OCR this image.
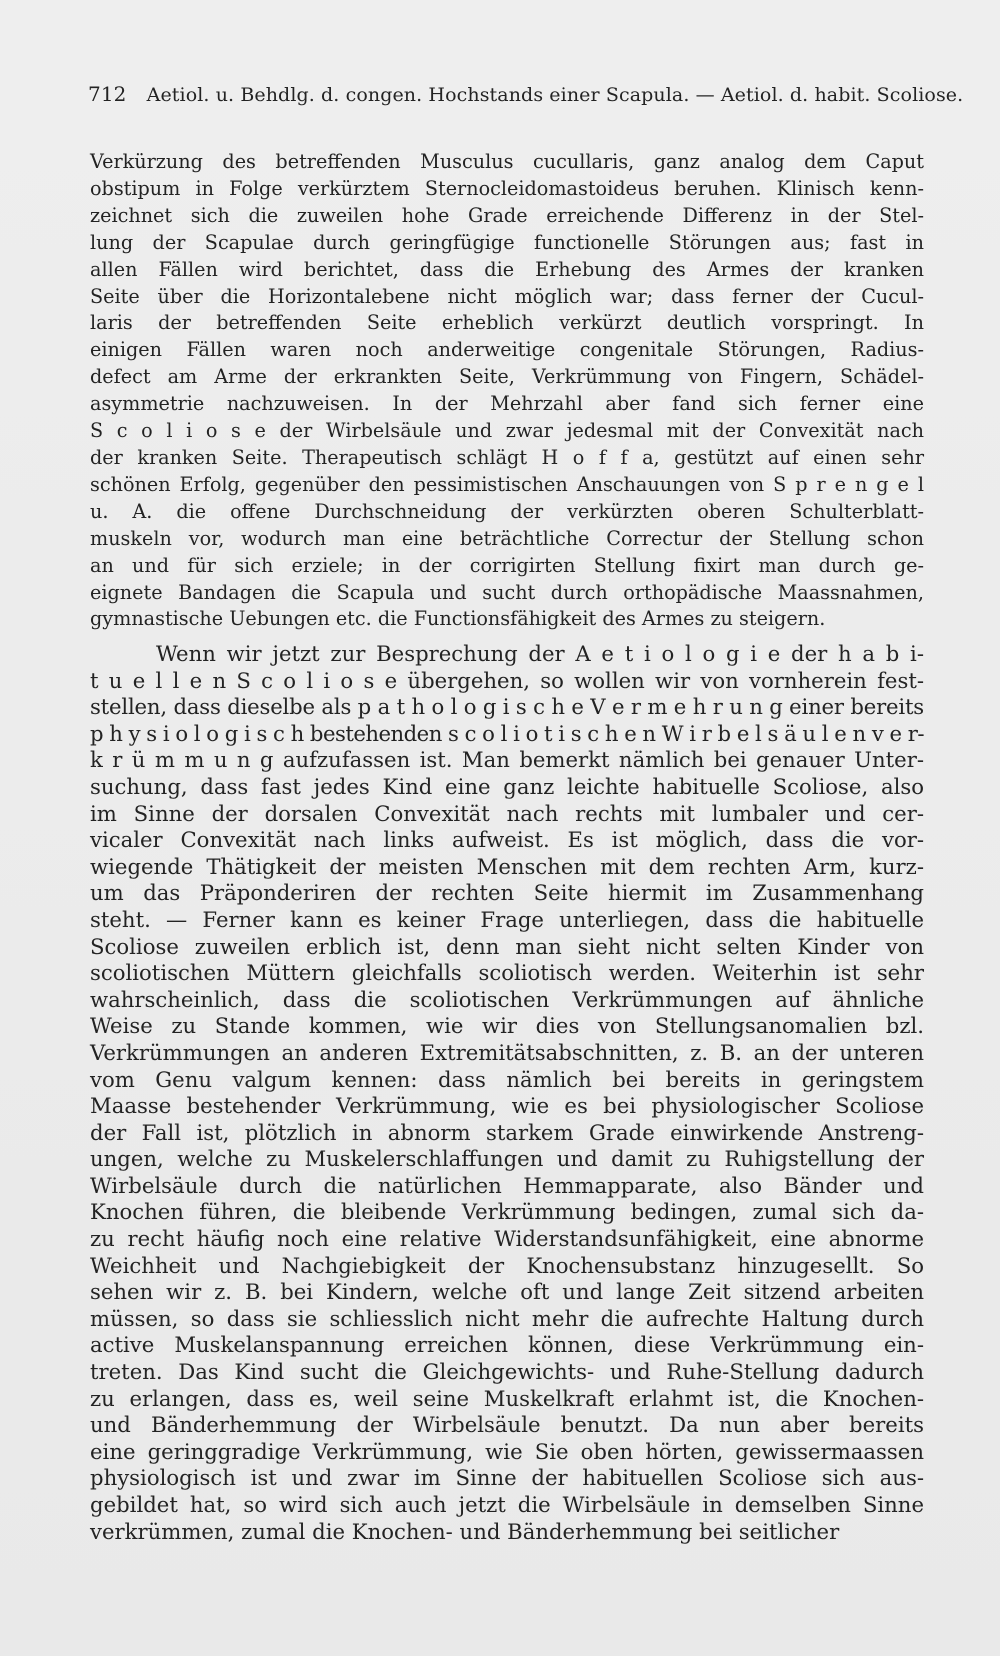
712 Aetiol. u. Behdlg. d. congen. Hochstands einer Scapula. — Aetiol. d. habit. Scoliose.
Verkürzung des betreffenden Musculus cucullaris, ganz analog dem Caput
obstipum in Folge verkürztem Sternocleidomastoideus beruhen. Klinisch kenn-
zeichnet sich die zuweilen hohe Grade erreichende Differenz in der Stel-
lung der Scapulae durch geringfügige functionelle Störungen aus; fast in
allen Fällen wird berichtet, dass die Erhebung des Armes der kranken
Seite über die Horizontalebene nicht möglich war; dass ferner der Cucul-
laris der betreffenden Seite erheblich verkürzt deutlich vorspringt. In
einigen Fällen waren noch anderweitige congenitale Störungen, Radius-
defect am Arme der erkrankten Seite, Verkrümmung von Fingern, Schädel-
asymmetrie nachzuweisen. In der Mehrzahl aber fand sich ferner eine
S c o l i o s e der Wirbelsäule und zwar jedesmal mit der Convexität nach
der kranken Seite. Therapeutisch schlägt H o f f a, gestützt auf einen sehr
schönen Erfolg, gegenüber den pessimistischen Anschauungen von S p r e n g e l
u. A. die offene Durchschneidung der verkürzten oberen Schulterblatt-
muskeln vor, wodurch man eine beträchtliche Correctur der Stellung schon
an und für sich erziele; in der corrigirten Stellung fixirt man durch ge-
eignete Bandagen die Scapula und sucht durch orthopädische Maassnahmen,
gymnastische Uebungen etc. die Functionsfähigkeit des Armes zu steigern.
Wenn wir jetzt zur Besprechung der A e t i o l o g i e der h a b i-
t u e l l e n S c o l i o s e übergehen, so wollen wir von vornherein fest-
stellen, dass dieselbe als p a t h o l o g i s c h e V e r m e h r u n g einer bereits
p h y s i o l o g i s c h bestehenden s c o l i o t i s c h e n W i r b e l s ä u l e n v e r-
k r ü m m u n g aufzufassen ist. Man bemerkt nämlich bei genauer Unter-
suchung, dass fast jedes Kind eine ganz leichte habituelle Scoliose, also
im Sinne der dorsalen Convexität nach rechts mit lumbaler und cer-
vicaler Convexität nach links aufweist. Es ist möglich, dass die vor-
wiegende Thätigkeit der meisten Menschen mit dem rechten Arm, kurz-
um das Präponderiren der rechten Seite hiermit im Zusammenhang
steht. — Ferner kann es keiner Frage unterliegen, dass die habituelle
Scoliose zuweilen erblich ist, denn man sieht nicht selten Kinder von
scoliotischen Müttern gleichfalls scoliotisch werden. Weiterhin ist sehr
wahrscheinlich, dass die scoliotischen Verkrümmungen auf ähnliche
Weise zu Stande kommen, wie wir dies von Stellungsanomalien bzl.
Verkrümmungen an anderen Extremitätsabschnitten, z. B. an der unteren
vom Genu valgum kennen: dass nämlich bei bereits in geringstem
Maasse bestehender Verkrümmung, wie es bei physiologischer Scoliose
der Fall ist, plötzlich in abnorm starkem Grade einwirkende Anstreng-
ungen, welche zu Muskelerschlaffungen und damit zu Ruhigstellung der
Wirbelsäule durch die natürlichen Hemmapparate, also Bänder und
Knochen führen, die bleibende Verkrümmung bedingen, zumal sich da-
zu recht häufig noch eine relative Widerstandsunfähigkeit, eine abnorme
Weichheit und Nachgiebigkeit der Knochensubstanz hinzugesellt. So
sehen wir z. B. bei Kindern, welche oft und lange Zeit sitzend arbeiten
müssen, so dass sie schliesslich nicht mehr die aufrechte Haltung durch
active Muskelanspannung erreichen können, diese Verkrümmung ein-
treten. Das Kind sucht die Gleichgewichts- und Ruhe-Stellung dadurch
zu erlangen, dass es, weil seine Muskelkraft erlahmt ist, die Knochen-
und Bänderhemmung der Wirbelsäule benutzt. Da nun aber bereits
eine geringgradige Verkrümmung, wie Sie oben hörten, gewissermaassen
physiologisch ist und zwar im Sinne der habituellen Scoliose sich aus-
gebildet hat, so wird sich auch jetzt die Wirbelsäule in demselben Sinne
verkrümmen, zumal die Knochen- und Bänderhemmung bei seitlicher
